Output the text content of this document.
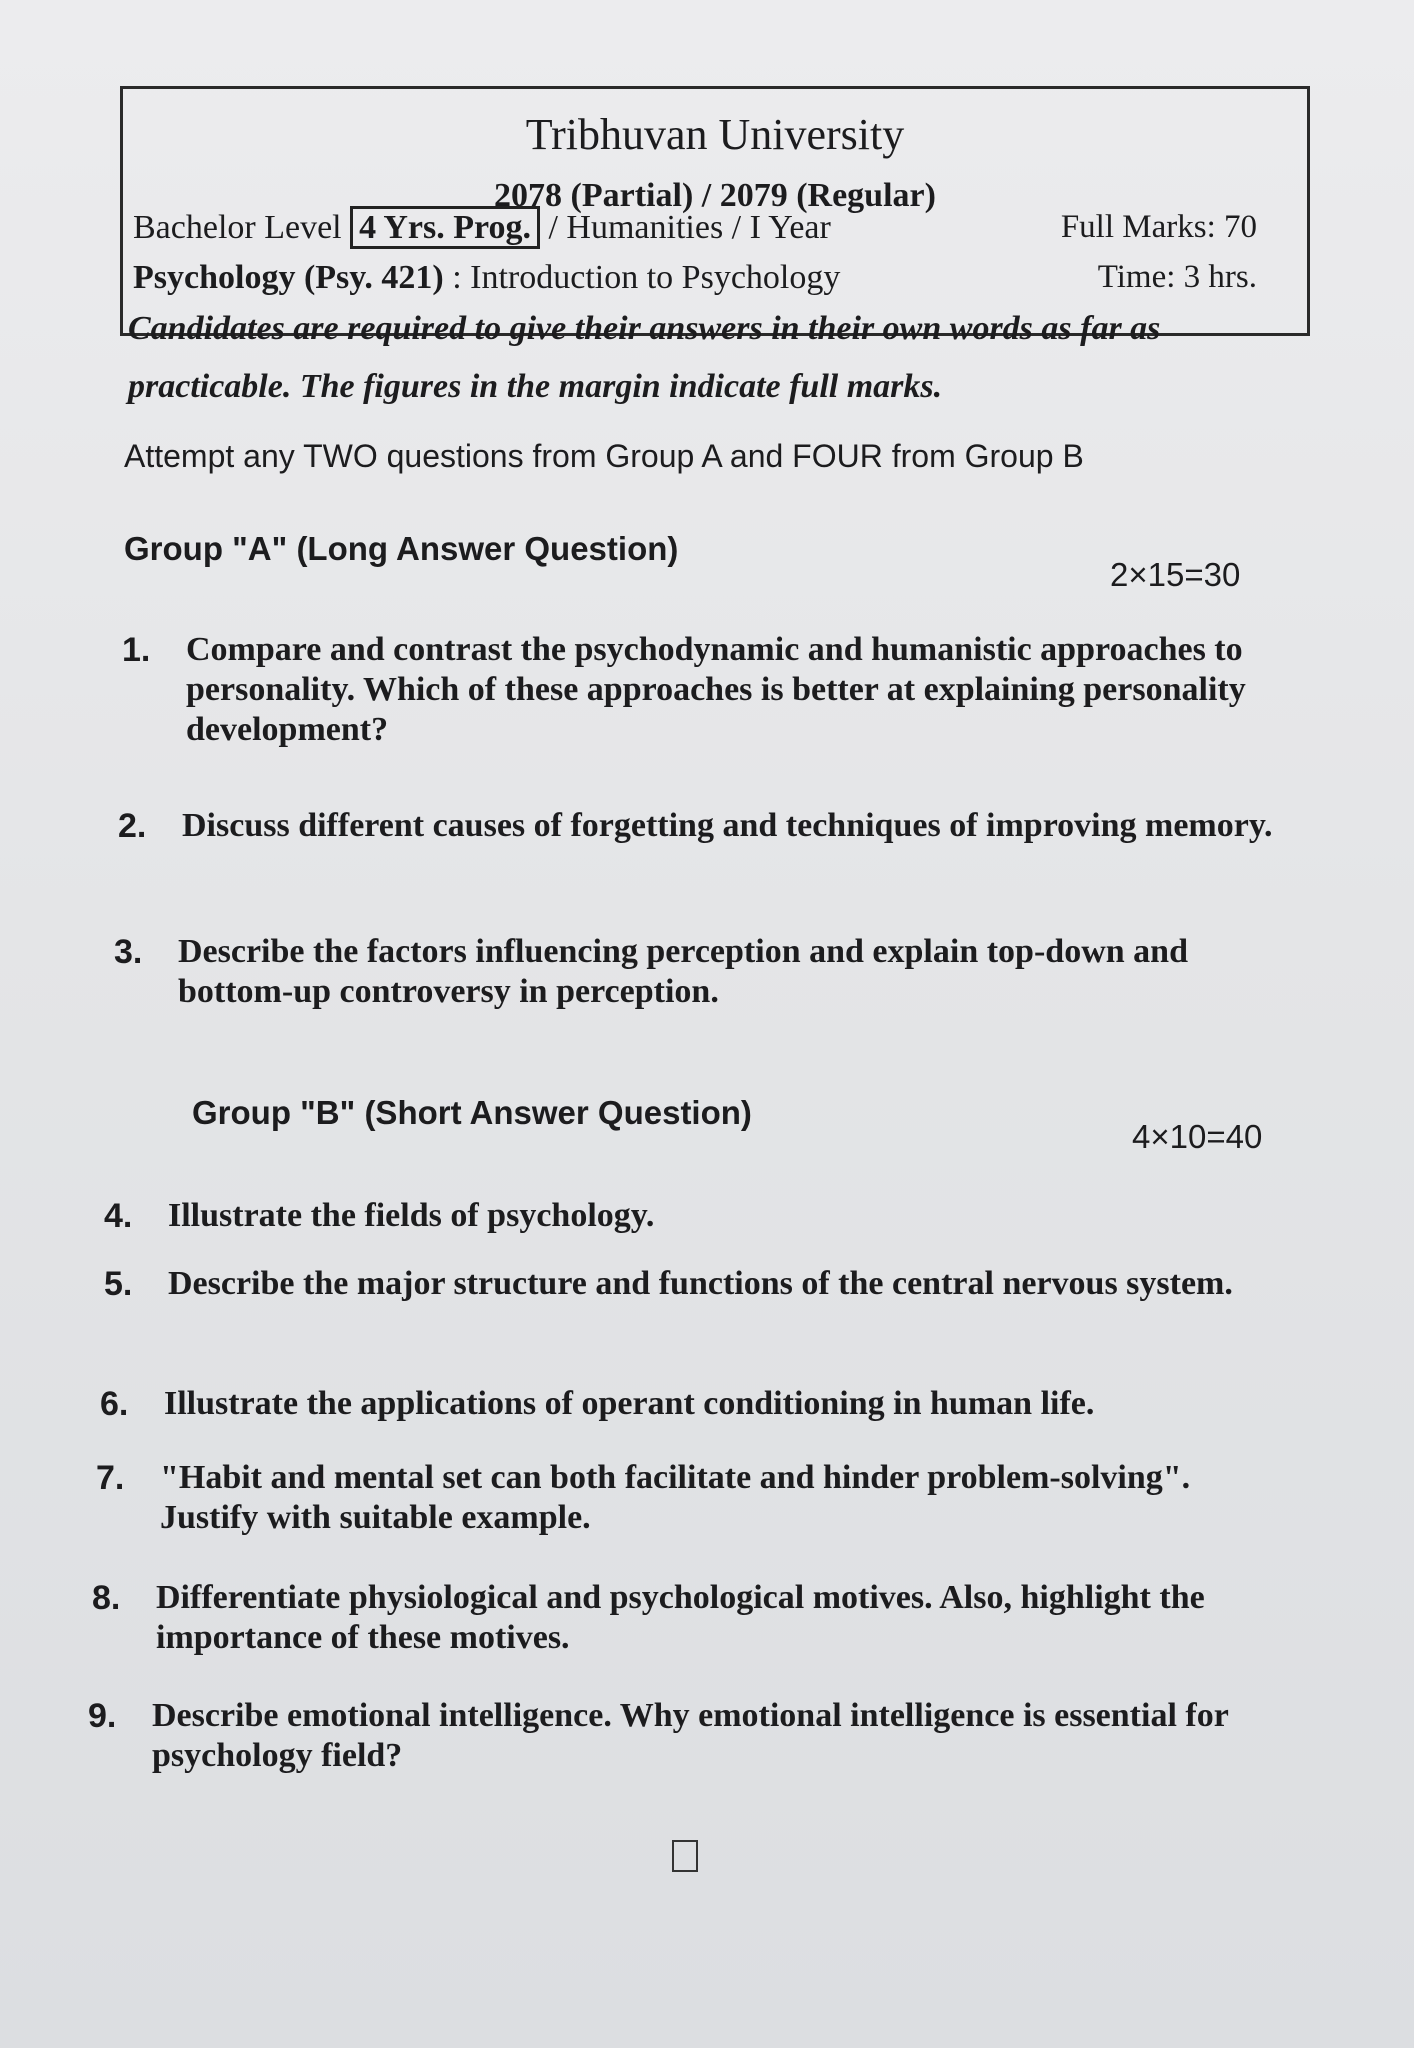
Tribhuvan University
2078 (Partial) / 2079 (Regular)
Bachelor Level 4 Yrs. Prog. / Humanities / I Year	Full Marks: 70
Psychology (Psy. 421) : Introduction to Psychology	Time: 3 hrs.
Candidates are required to give their answers in their own words as far as practicable. The figures in the margin indicate full marks.
Attempt any TWO questions from Group A and FOUR from Group B
Group "A" (Long Answer Question)
2×15=30
1.	Compare and contrast the psychodynamic and humanistic approaches to personality. Which of these approaches is better at explaining personality development?
2.	Discuss different causes of forgetting and techniques of improving memory.
3.	Describe the factors influencing perception and explain top-down and bottom-up controversy in perception.
Group "B" (Short Answer Question)
4×10=40
4.	Illustrate the fields of psychology.
5.	Describe the major structure and functions of the central nervous system.
6.	Illustrate the applications of operant conditioning in human life.
7.	"Habit and mental set can both facilitate and hinder problem-solving". Justify with suitable example.
8.	Differentiate physiological and psychological motives. Also, highlight the importance of these motives.
9.	Describe emotional intelligence. Why emotional intelligence is essential for psychology field?
